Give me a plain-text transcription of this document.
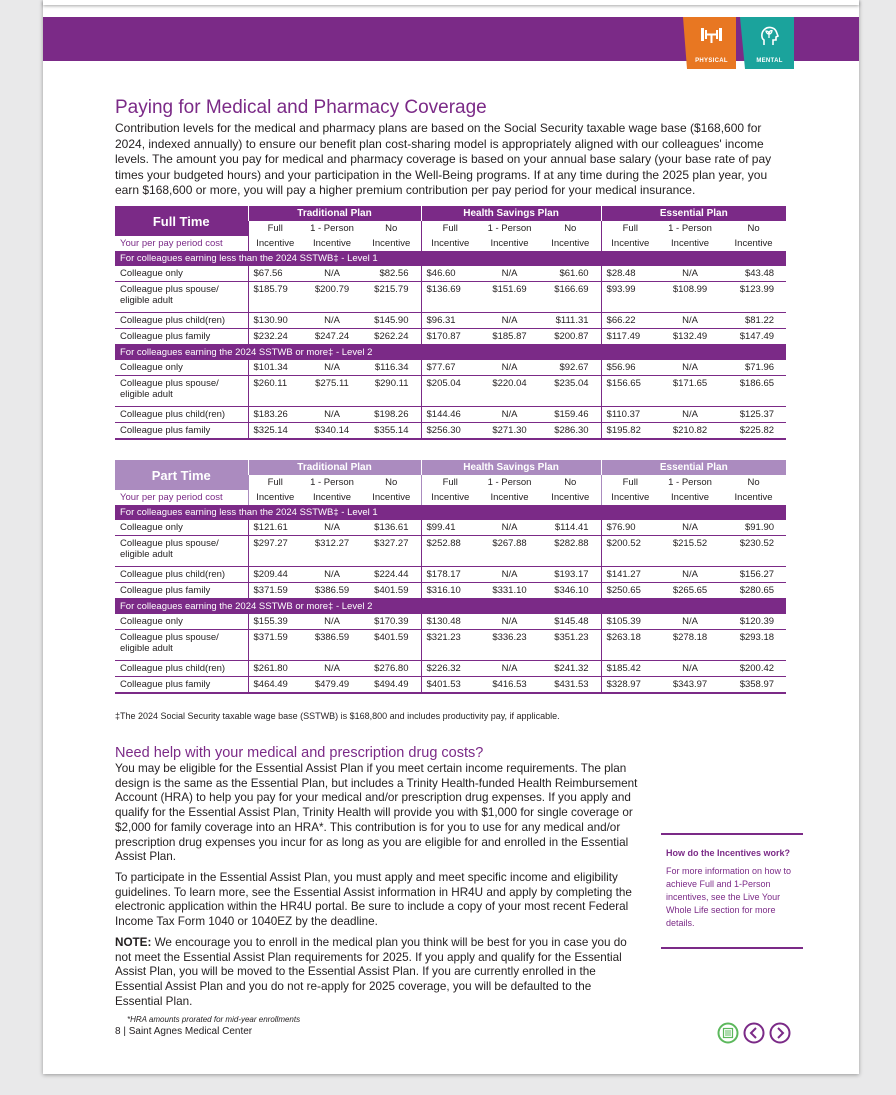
PHYSICAL	MENTAL
Paying for Medical and Pharmacy Coverage

Contribution levels for the medical and pharmacy plans are based on the Social Security taxable wage base ($168,600 for 2024, indexed annually) to ensure our benefit plan cost-sharing model is appropriately aligned with our colleagues' income levels. The amount you pay for medical and pharmacy coverage is based on your annual base salary (your base rate of pay times your budgeted hours) and your participation in the Well-Being programs. If at any time during the 2025 plan year, you earn $168,600 or more, you will pay a higher premium contribution per pay period for your medical insurance.

Full Time	Traditional Plan			Health Savings Plan			Essential Plan		
	Full	1 - Person	No	Full	1 - Person	No	Full	1 - Person	No
Your per pay period cost	Incentive	Incentive	Incentive	Incentive	Incentive	Incentive	Incentive	Incentive	Incentive
For colleagues earning less than the 2024 SSTWB‡ - Level 1									
Colleague only	$67.56	N/A	$82.56	$46.60	N/A	$61.60	$28.48	N/A	$43.48
Colleague plus spouse/ eligible adult	$185.79	$200.79	$215.79	$136.69	$151.69	$166.69	$93.99	$108.99	$123.99
Colleague plus child(ren)	$130.90	N/A	$145.90	$96.31	N/A	$111.31	$66.22	N/A	$81.22
Colleague plus family	$232.24	$247.24	$262.24	$170.87	$185.87	$200.87	$117.49	$132.49	$147.49
For colleagues earning the 2024 SSTWB or more‡ - Level 2									
Colleague only	$101.34	N/A	$116.34	$77.67	N/A	$92.67	$56.96	N/A	$71.96
Colleague plus spouse/ eligible adult	$260.11	$275.11	$290.11	$205.04	$220.04	$235.04	$156.65	$171.65	$186.65
Colleague plus child(ren)	$183.26	N/A	$198.26	$144.46	N/A	$159.46	$110.37	N/A	$125.37
Colleague plus family	$325.14	$340.14	$355.14	$256.30	$271.30	$286.30	$195.82	$210.82	$225.82
Part Time	Traditional Plan			Health Savings Plan			Essential Plan		
	Full	1 - Person	No	Full	1 - Person	No	Full	1 - Person	No
Your per pay period cost	Incentive	Incentive	Incentive	Incentive	Incentive	Incentive	Incentive	Incentive	Incentive
For colleagues earning less than the 2024 SSTWB‡ - Level 1									
Colleague only	$121.61	N/A	$136.61	$99.41	N/A	$114.41	$76.90	N/A	$91.90
Colleague plus spouse/ eligible adult	$297.27	$312.27	$327.27	$252.88	$267.88	$282.88	$200.52	$215.52	$230.52
Colleague plus child(ren)	$209.44	N/A	$224.44	$178.17	N/A	$193.17	$141.27	N/A	$156.27
Colleague plus family	$371.59	$386.59	$401.59	$316.10	$331.10	$346.10	$250.65	$265.65	$280.65
For colleagues earning the 2024 SSTWB or more‡ - Level 2									
Colleague only	$155.39	N/A	$170.39	$130.48	N/A	$145.48	$105.39	N/A	$120.39
Colleague plus spouse/ eligible adult	$371.59	$386.59	$401.59	$321.23	$336.23	$351.23	$263.18	$278.18	$293.18
Colleague plus child(ren)	$261.80	N/A	$276.80	$226.32	N/A	$241.32	$185.42	N/A	$200.42
Colleague plus family	$464.49	$479.49	$494.49	$401.53	$416.53	$431.53	$328.97	$343.97	$358.97
‡The 2024 Social Security taxable wage base (SSTWB) is $168,800 and includes productivity pay, if applicable.
Need help with your medical and prescription drug costs?

You may be eligible for the Essential Assist Plan if you meet certain income requirements. The plan design is the same as the Essential Plan, but includes a Trinity Health-funded Health Reimbursement Account (HRA) to help you pay for your medical and/or prescription drug expenses. If you apply and qualify for the Essential Assist Plan, Trinity Health will provide you with $1,000 for single coverage or $2,000 for family coverage into an HRA*. This contribution is for you to use for any medical and/or prescription drug expenses you incur for as long as you are eligible for and enrolled in the Essential Assist Plan.

To participate in the Essential Assist Plan, you must apply and meet specific income and eligibility guidelines. To learn more, see the Essential Assist information in HR4U and apply by completing the electronic application within the HR4U portal. Be sure to include a copy of your most recent Federal Income Tax Form 1040 or 1040EZ by the deadline.

NOTE: We encourage you to enroll in the medical plan you think will be best for you in case you do not meet the Essential Assist Plan requirements for 2025. If you apply and qualify for the Essential Assist Plan, you will be moved to the Essential Assist Plan. If you are currently enrolled in the Essential Assist Plan and you do not re-apply for 2025 coverage, you will be defaulted to the Essential Plan.

How do the Incentives work?
For more information on how to achieve Full and 1-Person incentives, see the Live Your Whole Life section for more details.
*HRA amounts prorated for mid-year enrollments
8 | Saint Agnes Medical Center
